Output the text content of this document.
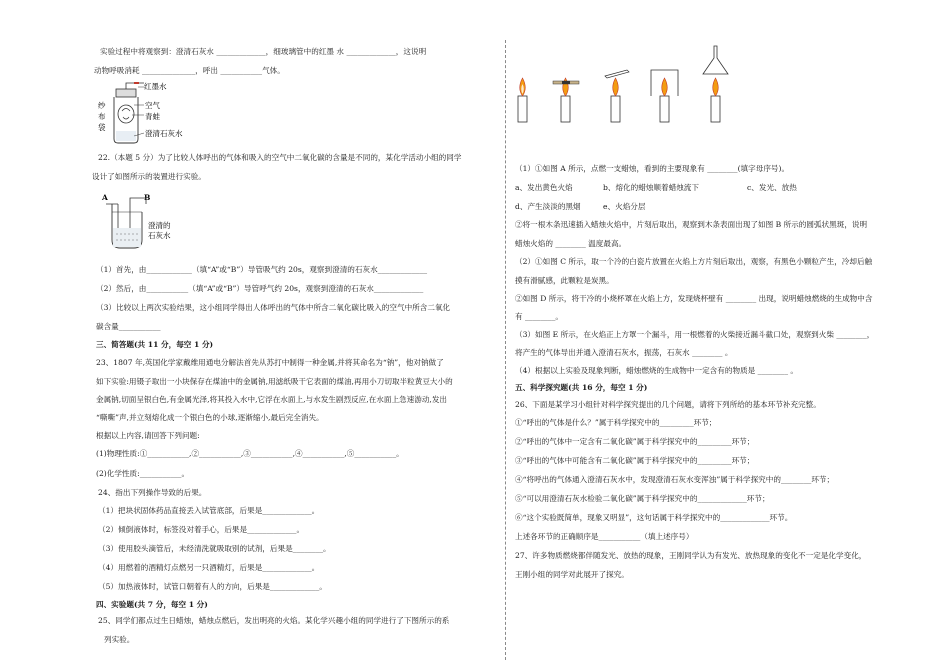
实验过程中将观察到：澄清石灰水 _____________，细玻璃管中的红墨 水 _____________，这说明
动物呼吸消耗 ______________，呼出 ___________气体。
纱
布
袋
红墨水
空气
青蛙
澄清石灰水
22.（本题 5 分）为了比较人体呼出的气体和吸入的空气中二氧化碳的含量是不同的，某化学活动小组的同学
设计了如图所示的装置进行实验。
A	B
澄清的
石灰水
（1）首先，由____________（填“A”或“B”）导管吸气约 20s，观察到澄清的石灰水_____________
（2）然后，由___________（填“A”或“B”）导管呼气约 20s，观察到澄清的石灰水_____________
（3）比较以上两次实验结果，这小组同学得出人体呼出的气体中所含二氧化碳比吸入的空气中所含二氧化
碳含量___________
三、简答题(共 11 分，每空 1 分)
23、1807 年,英国化学家戴维用通电分解法首先从苏打中制得一种金属,并将其命名为“钠”，他对钠做了
如下实验:用镊子取出一小块保存在煤油中的金属钠,用滤纸吸干它表面的煤油,再用小刀切取半粒黄豆大小的
金属钠,切面呈银白色,有金属光泽,将其投入水中,它浮在水面上,与水发生剧烈反应,在水面上急速游动,发出
“嘶嘶”声,并立刻熔化成一个银白色的小球,逐渐缩小,最后完全消失。
根据以上内容,请回答下列问题:
(1)物理性质:①___________,②___________,③___________,④___________,⑤___________。
(2)化学性质:___________。
24、指出下列操作导致的后果。
（1）把块状固体药品直接丢入试管底部，后果是_____________。
（2）倾倒液体时，标签没对着手心，后果是_____________。
（3）使用胶头滴管后，未经清洗就吸取别的试剂，后果是________。
（4）用燃着的酒精灯点燃另一只酒精灯，后果是_____________。
（5）加热液体时，试管口朝着有人的方向，后果是_____________。
四、实验题(共 7 分，每空 1 分)
25、同学们都点过生日蜡烛，蜡烛点燃后，发出明亮的火焰。某化学兴趣小组的同学进行了下图所示的系
列实验。
A	B	C	D	E
（1）①如图 A 所示，点燃一支蜡烛，看到的主要现象有 ________(填字母序号)。
a、发出黄色火焰	b、熔化的蜡烛顺着蜡烛流下	c、发光、放热
d、产生淡淡的黑烟	e、火焰分层
②将一根木条迅速插入蜡烛火焰中，片刻后取出，观察到木条表面出现了如图 B 所示的圆弧状黑斑，说明
蜡烛火焰的 ________ 温度最高。
（2）①如图 C 所示，取一个冷的白瓷片放置在火焰上方片刻后取出，观察，有黑色小颗粒产生，冷却后触
摸有滑腻感，此颗粒是炭黑。
②如图 D 所示，将干冷的小烧杯罩在火焰上方，发现烧杯壁有 ________ 出现，说明蜡烛燃烧的生成物中含
有 ________。
（3）如图 E 所示，在火焰正上方罩一个漏斗，用一根燃着的火柴接近漏斗截口处，观察到火柴 ________，
将产生的气体导出并通入澄清石灰水，振荡，石灰水 ________ 。
（4）根据以上实验及现象判断，蜡烛燃烧的生成物中一定含有的物质是 ________ 。
五、科学探究题(共 16 分，每空 1 分)
26、下面是某学习小组针对科学探究提出的几个问题，请将下列所给的基本环节补充完整。
①“呼出的气体是什么？”属于科学探究中的_________环节；
②“呼出的气体中一定含有二氧化碳”属于科学探究中的_________环节；
③“呼出的气体中可能含有二氧化碳”属于科学探究中的_________环节；
④“将呼出的气体通入澄清石灰水中，发现澄清石灰水变浑浊”属于科学探究中的________环节；
⑤“可以用澄清石灰水检验二氧化碳”属于科学探究中的_____________环节；
⑥“这个实验既简单，现象又明显”，这句话属于科学探究中的_____________环节。
上述各环节的正确顺序是___________（填上述序号）
27、许多物质燃烧都伴随发光、放热的现象，王刚同学认为有发光、放热现象的变化不一定是化学变化，
王刚小组的同学对此展开了探究。
